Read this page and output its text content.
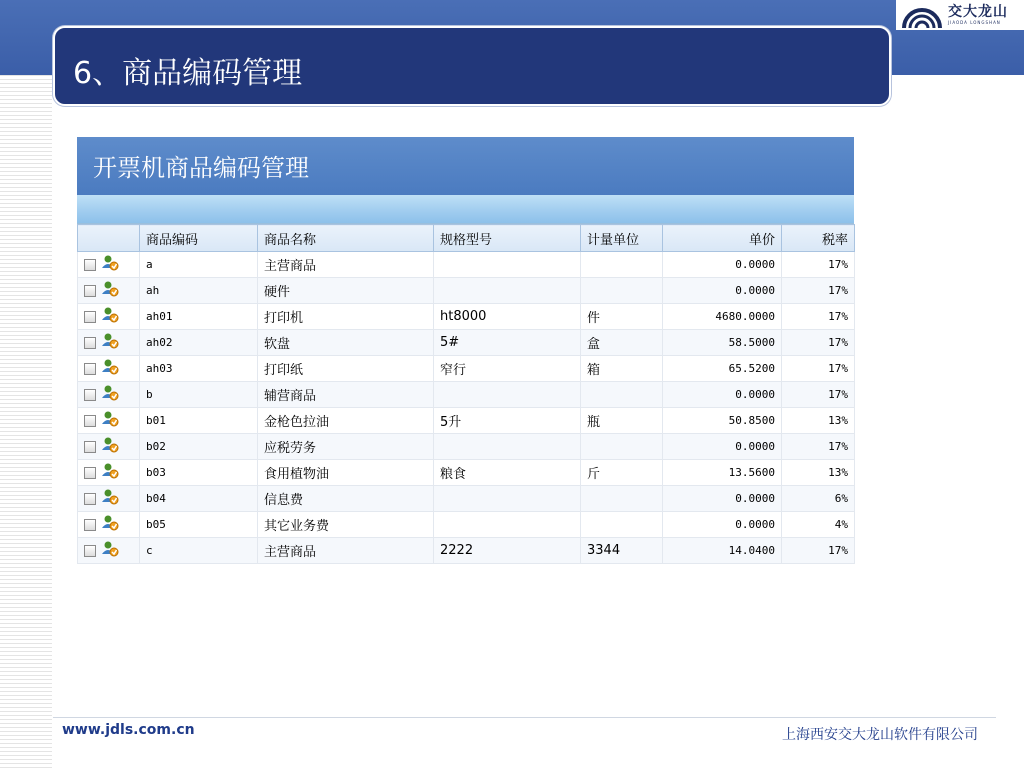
交大龙山
JIAODA LONGSHAN
6、商品编码管理
开票机商品编码管理
	商品编码	商品名称	规格型号	计量单位	单价	税率
	a	主营商品			0.0000	17%
	ah	硬件			0.0000	17%
	ah01	打印机	ht8000	件	4680.0000	17%
	ah02	软盘	5#	盒	58.5000	17%
	ah03	打印纸	窄行	箱	65.5200	17%
	b	辅营商品			0.0000	17%
	b01	金枪色拉油	5升	瓶	50.8500	13%
	b02	应税劳务			0.0000	17%
	b03	食用植物油	粮食	斤	13.5600	13%
	b04	信息费			0.0000	6%
	b05	其它业务费			0.0000	4%
	c	主营商品	2222	3344	14.0400	17%
www.jdls.com.cn	上海西安交大龙山软件有限公司
